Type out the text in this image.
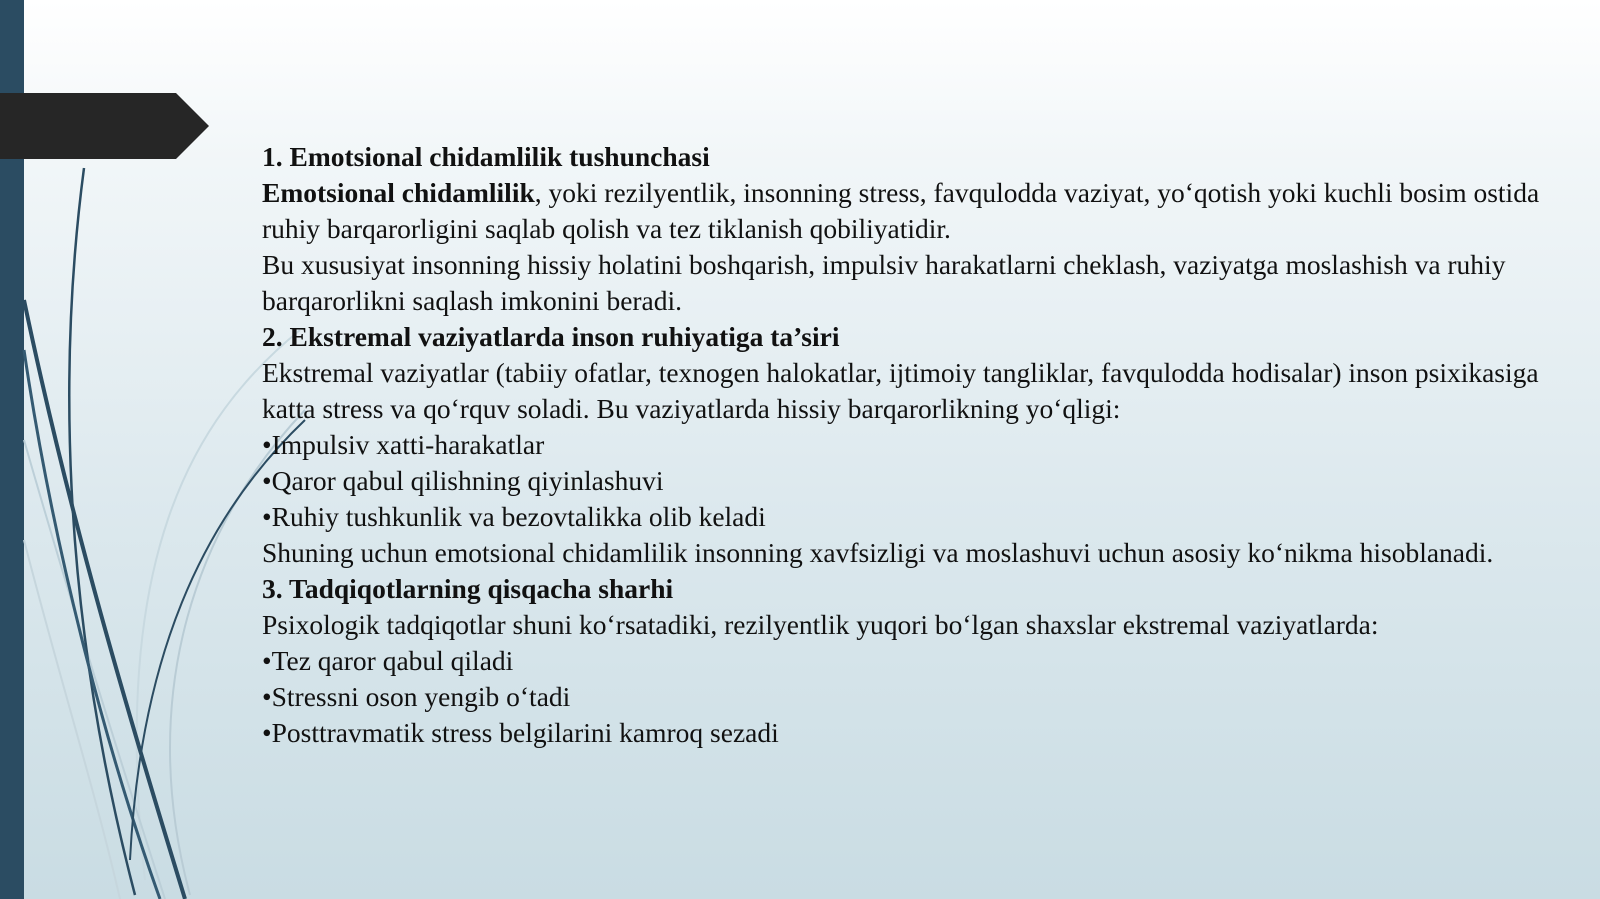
1. Emotsional chidamlilik tushunchasi

Emotsional chidamlilik, yoki rezilyentlik, insonning stress, favqulodda vaziyat, yo‘qotish yoki kuchli bosim ostida ruhiy barqarorligini saqlab qolish va tez tiklanish qobiliyatidir.

Bu xususiyat insonning hissiy holatini boshqarish, impulsiv harakatlarni cheklash, vaziyatga moslashish va ruhiy barqarorlikni saqlash imkonini beradi.

2. Ekstremal vaziyatlarda inson ruhiyatiga ta’siri

Ekstremal vaziyatlar (tabiiy ofatlar, texnogen halokatlar, ijtimoiy tangliklar, favqulodda hodisalar) inson psixikasiga katta stress va qo‘rquv soladi. Bu vaziyatlarda hissiy barqarorlikning yo‘qligi:

•Impulsiv xatti-harakatlar

•Qaror qabul qilishning qiyinlashuvi

•Ruhiy tushkunlik va bezovtalikka olib keladi

Shuning uchun emotsional chidamlilik insonning xavfsizligi va moslashuvi uchun asosiy ko‘nikma hisoblanadi.

3. Tadqiqotlarning qisqacha sharhi

Psixologik tadqiqotlar shuni ko‘rsatadiki, rezilyentlik yuqori bo‘lgan shaxslar ekstremal vaziyatlarda:

•Tez qaror qabul qiladi

•Stressni oson yengib o‘tadi

•Posttravmatik stress belgilarini kamroq sezadi
